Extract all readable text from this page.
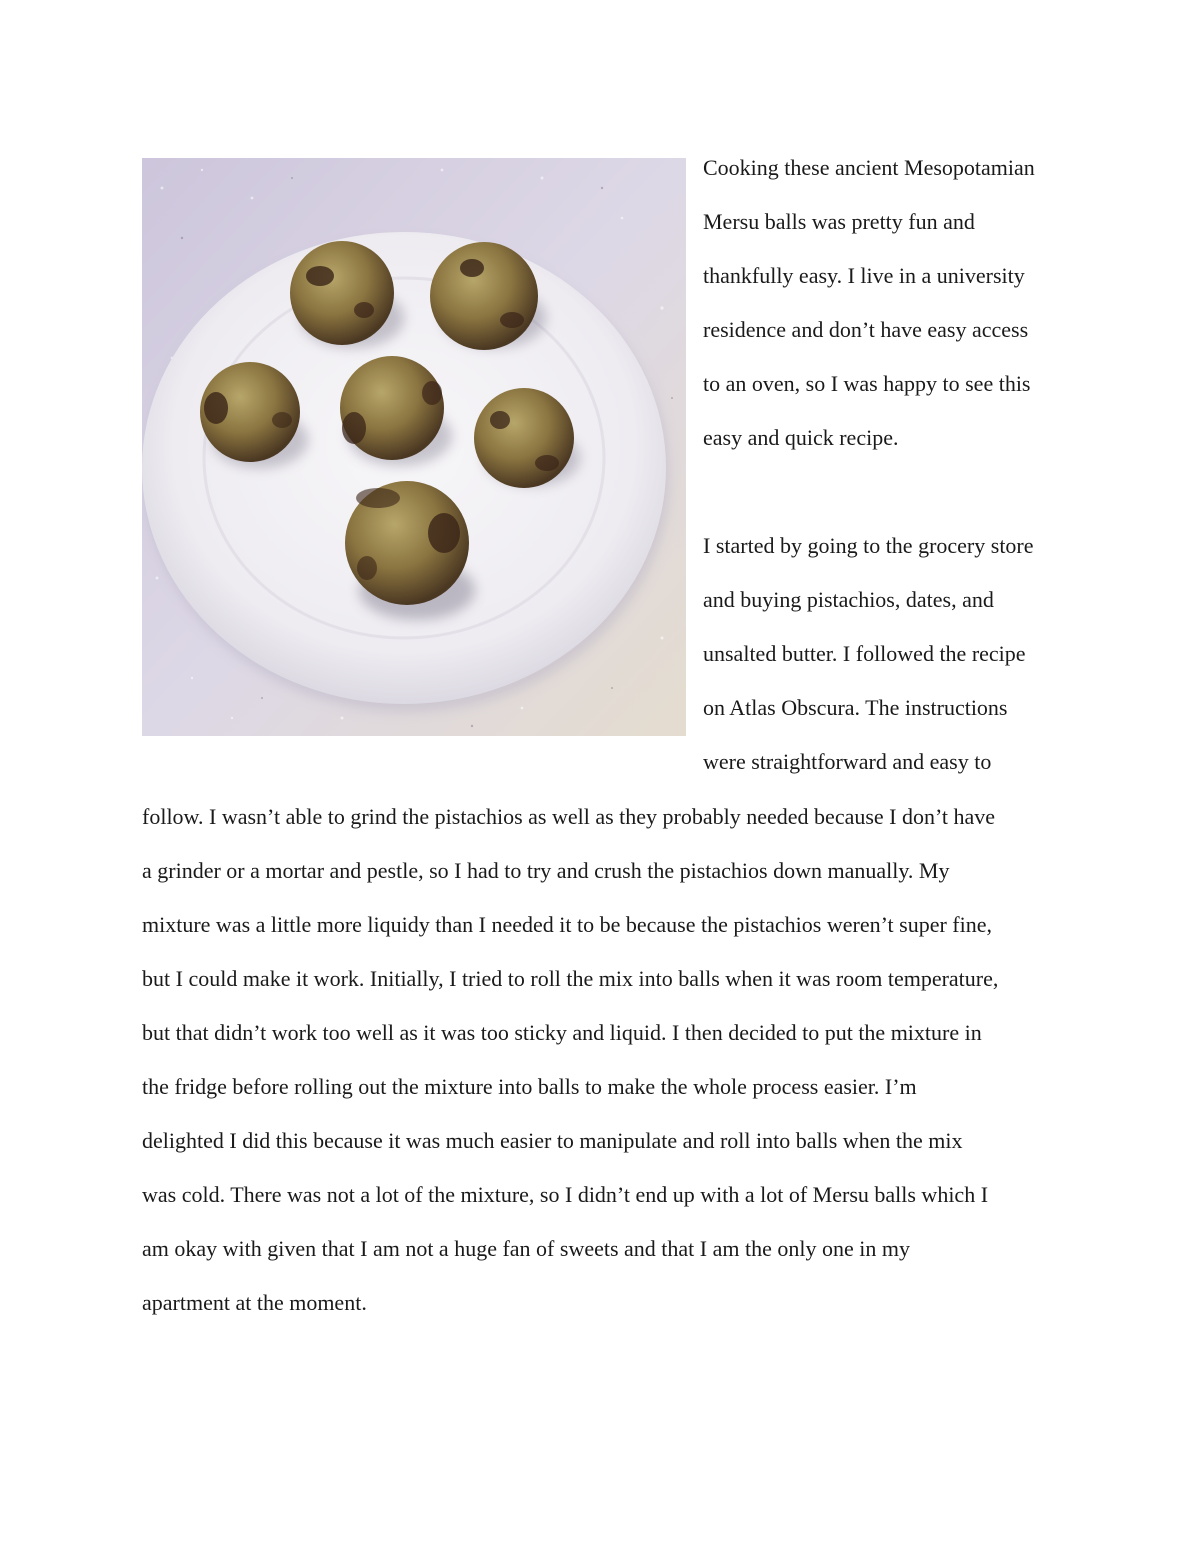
Cooking these ancient Mesopotamian

Mersu balls was pretty fun and

thankfully easy. I live in a university

residence and don’t have easy access

to an oven, so I was happy to see this

easy and quick recipe.

I started by going to the grocery store

and buying pistachios, dates, and

unsalted butter. I followed the recipe

on Atlas Obscura. The instructions

were straightforward and easy to

follow. I wasn’t able to grind the pistachios as well as they probably needed because I don’t have

a grinder or a mortar and pestle, so I had to try and crush the pistachios down manually. My

mixture was a little more liquidy than I needed it to be because the pistachios weren’t super fine,

but I could make it work. Initially, I tried to roll the mix into balls when it was room temperature,

but that didn’t work too well as it was too sticky and liquid. I then decided to put the mixture in

the fridge before rolling out the mixture into balls to make the whole process easier. I’m

delighted I did this because it was much easier to manipulate and roll into balls when the mix

was cold. There was not a lot of the mixture, so I didn’t end up with a lot of Mersu balls which I

am okay with given that I am not a huge fan of sweets and that I am the only one in my

apartment at the moment.
